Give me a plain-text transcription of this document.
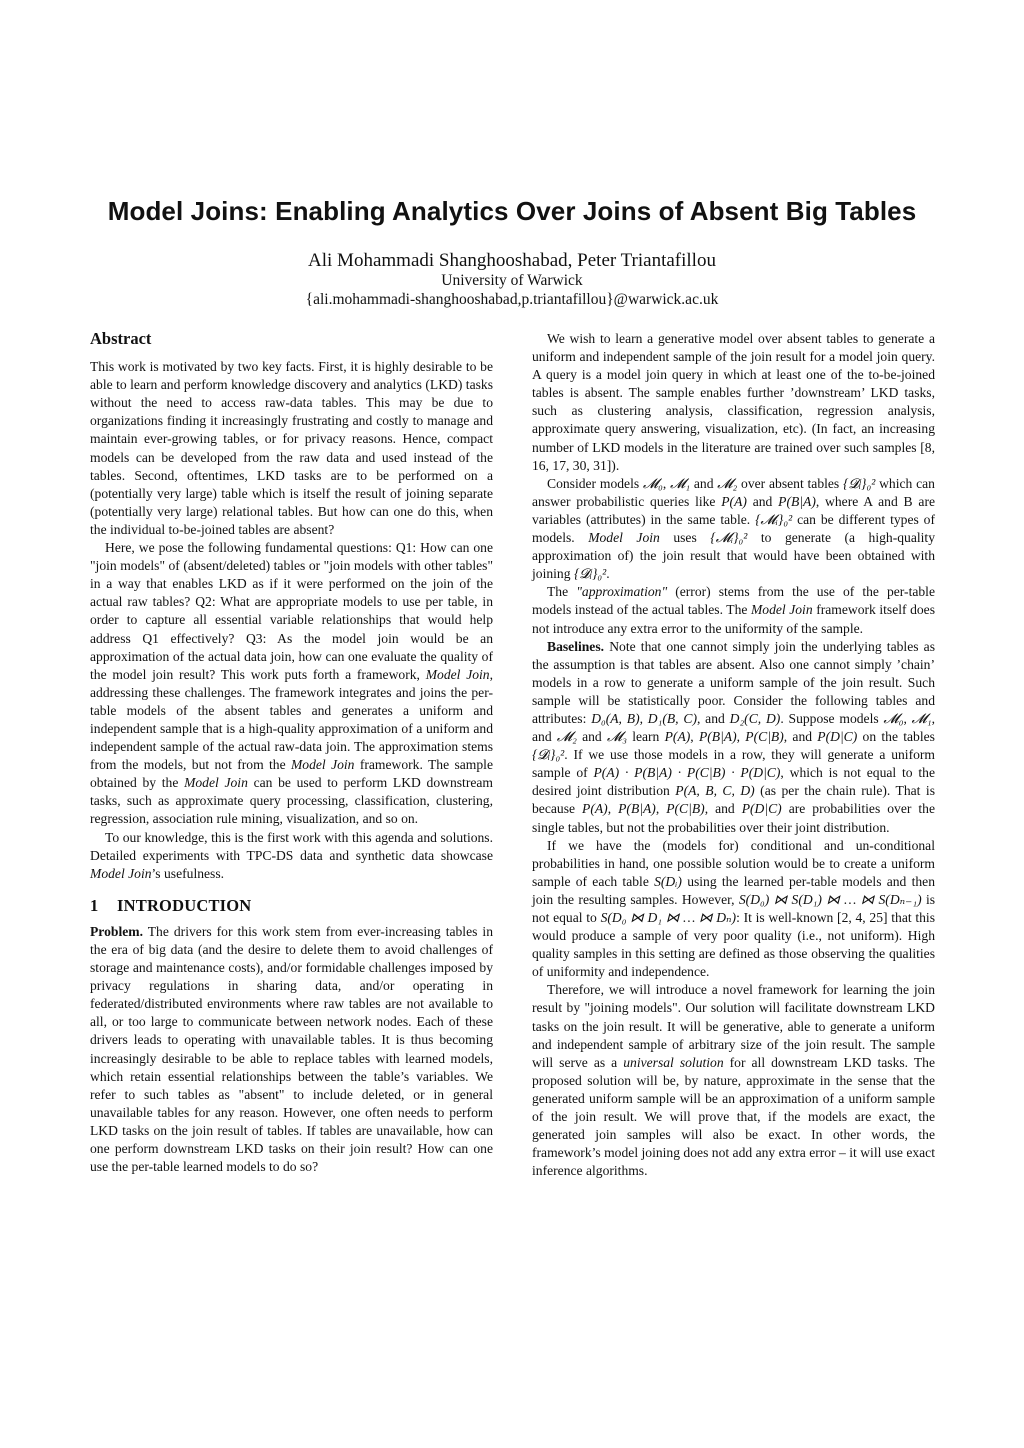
Model Joins: Enabling Analytics Over Joins of Absent Big Tables

Ali Mohammadi Shanghooshabad, Peter Triantafillou

University of Warwick

{ali.mohammadi-shanghooshabad,p.triantafillou}@warwick.ac.uk

Abstract

This work is motivated by two key facts. First, it is highly desirable to be able to learn and perform knowledge discovery and analytics (LKD) tasks without the need to access raw-data tables. This may be due to organizations finding it increasingly frustrating and costly to manage and maintain ever-growing tables, or for privacy reasons. Hence, compact models can be developed from the raw data and used instead of the tables. Second, oftentimes, LKD tasks are to be performed on a (potentially very large) table which is itself the result of joining separate (potentially very large) relational tables. But how can one do this, when the individual to-be-joined tables are absent?

Here, we pose the following fundamental questions: Q1: How can one "join models" of (absent/deleted) tables or "join models with other tables" in a way that enables LKD as if it were performed on the join of the actual raw tables? Q2: What are appropriate models to use per table, in order to capture all essential variable relationships that would help address Q1 effectively? Q3: As the model join would be an approximation of the actual data join, how can one evaluate the quality of the model join result? This work puts forth a framework, Model Join, addressing these challenges. The framework integrates and joins the per-table models of the absent tables and generates a uniform and independent sample that is a high-quality approximation of a uniform and independent sample of the actual raw-data join. The approximation stems from the models, but not from the Model Join framework. The sample obtained by the Model Join can be used to perform LKD downstream tasks, such as approximate query processing, classification, clustering, regression, association rule mining, visualization, and so on.

To our knowledge, this is the first work with this agenda and solutions. Detailed experiments with TPC-DS data and synthetic data showcase Model Join’s usefulness.

1 INTRODUCTION

Problem. The drivers for this work stem from ever-increasing tables in the era of big data (and the desire to delete them to avoid challenges of storage and maintenance costs), and/or formidable challenges imposed by privacy regulations in sharing data, and/or operating in federated/distributed environments where raw tables are not available to all, or too large to communicate between network nodes. Each of these drivers leads to operating with unavailable tables. It is thus becoming increasingly desirable to be able to replace tables with learned models, which retain essential relationships between the table’s variables. We refer to such tables as "absent" to include deleted, or in general unavailable tables for any reason. However, one often needs to perform LKD tasks on the join result of tables. If tables are unavailable, how can one perform downstream LKD tasks on their join result? How can one use the per-table learned models to do so?

We wish to learn a generative model over absent tables to generate a uniform and independent sample of the join result for a model join query. A query is a model join query in which at least one of the to-be-joined tables is absent. The sample enables further ’downstream’ LKD tasks, such as clustering analysis, classification, regression analysis, approximate query answering, visualization, etc). (In fact, an increasing number of LKD models in the literature are trained over such samples [8, 16, 17, 30, 31]).

Consider models 𝓜₀, 𝓜₁ and 𝓜₂ over absent tables {𝓓ᵢ}₀² which can answer probabilistic queries like P(A) and P(B|A), where A and B are variables (attributes) in the same table. {𝓜ᵢ}₀² can be different types of models. Model Join uses {𝓜ᵢ}₀² to generate (a high-quality approximation of) the join result that would have been obtained with joining {𝓓ᵢ}₀².

The "approximation" (error) stems from the use of the per-table models instead of the actual tables. The Model Join framework itself does not introduce any extra error to the uniformity of the sample.

Baselines. Note that one cannot simply join the underlying tables as the assumption is that tables are absent. Also one cannot simply ’chain’ models in a row to generate a uniform sample of the join result. Such sample will be statistically poor. Consider the following tables and attributes: D₀(A, B), D₁(B, C), and D₂(C, D). Suppose models 𝓜₀, 𝓜₁, and 𝓜₂ and 𝓜₃ learn P(A), P(B|A), P(C|B), and P(D|C) on the tables {𝓓ᵢ}₀². If we use those models in a row, they will generate a uniform sample of P(A) · P(B|A) · P(C|B) · P(D|C), which is not equal to the desired joint distribution P(A, B, C, D) (as per the chain rule). That is because P(A), P(B|A), P(C|B), and P(D|C) are probabilities over the single tables, but not the probabilities over their joint distribution.

If we have the (models for) conditional and un-conditional probabilities in hand, one possible solution would be to create a uniform sample of each table S(Dᵢ) using the learned per-table models and then join the resulting samples. However, S(D₀) ⋈ S(D₁) ⋈ … ⋈ S(Dₙ₋₁) is not equal to S(D₀ ⋈ D₁ ⋈ … ⋈ Dₙ): It is well-known [2, 4, 25] that this would produce a sample of very poor quality (i.e., not uniform). High quality samples in this setting are defined as those observing the qualities of uniformity and independence.

Therefore, we will introduce a novel framework for learning the join result by "joining models". Our solution will facilitate downstream LKD tasks on the join result. It will be generative, able to generate a uniform and independent sample of arbitrary size of the join result. The sample will serve as a universal solution for all downstream LKD tasks. The proposed solution will be, by nature, approximate in the sense that the generated uniform sample will be an approximation of a uniform sample of the join result. We will prove that, if the models are exact, the generated join samples will also be exact. In other words, the framework’s model joining does not add any extra error – it will use exact inference algorithms.
